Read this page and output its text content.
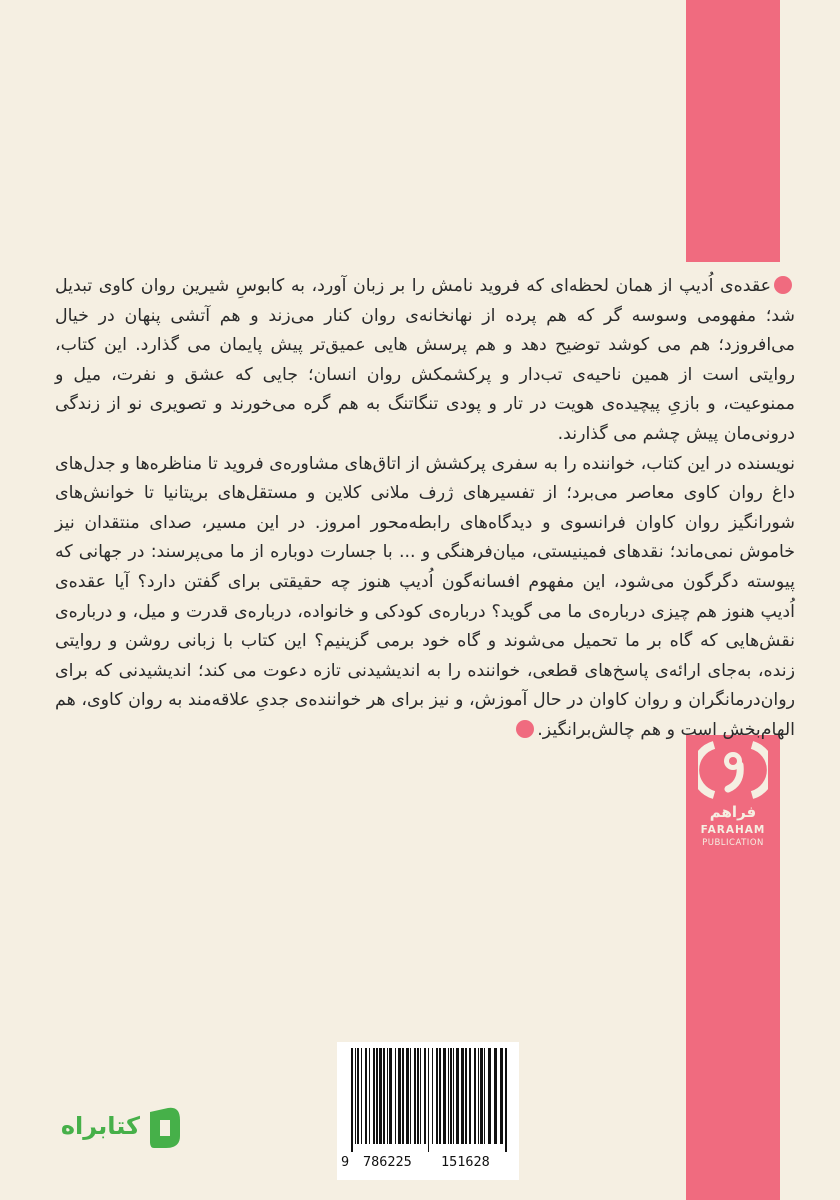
عقده‌ی اُدیپ از همان لحظه‌ای که فروید نامش را بر زبان آورد، به کابوسِ شیرین روان کاوی تبدیل شد؛ مفهومی وسوسه گر که هم پرده از نهانخانه‌ی روان کنار می‌زند و هم آتشی پنهان در خیال می‌افروزد؛ هم می کوشد توضیح دهد و هم پرسش هایی عمیق‌تر پیش پایمان می گذارد. این کتاب، روایتی است از همین ناحیه‌ی تب‌دار و پرکشمکش روان انسان؛ جایی که عشق و نفرت، میل و ممنوعیت، و بازیِ پیچیده‌ی هویت در تار و پودی تنگاتنگ به هم گره می‌خورند و تصویری نو از زندگی درونی‌مان پیش چشم می گذارند.

نویسنده در این کتاب، خواننده را به سفری پرکشش از اتاق‌های مشاوره‌ی فروید تا مناظره‌ها و جدل‌های داغ روان کاوی معاصر می‌برد؛ از تفسیرهای ژرف ملانی کلاین و مستقل‌های بریتانیا تا خوانش‌های شورانگیز روان کاوان فرانسوی و دیدگاه‌های رابطه‌محور امروز. در این مسیر، صدای منتقدان نیز خاموش نمی‌ماند؛ نقدهای فمینیستی، میان‌فرهنگی و ... با جسارت دوباره از ما می‌پرسند: در جهانی که پیوسته دگرگون می‌شود، این مفهوم افسانه‌گون اُدیپ هنوز چه حقیقتی برای گفتن دارد؟ آیا عقده‌ی اُدیپ هنوز هم چیزی درباره‌ی ما می گوید؟ درباره‌ی کودکی و خانواده، درباره‌ی قدرت و میل، و درباره‌ی نقش‌هایی که گاه بر ما تحمیل می‌شوند و گاه خود برمی گزینیم؟ این کتاب با زبانی روشن و روایتی زنده، به‌جای ارائه‌ی پاسخ‌های قطعی، خواننده را به اندیشیدنی تازه دعوت می کند؛ اندیشیدنی که برای روان‌درمانگران و روان کاوان در حال آموزش، و نیز برای هر خواننده‌ی جدیِ علاقه‌مند به روان کاوی، هم الهام‌بخش است و هم چالش‌برانگیز.

فراهم
FARAHAM
PUBLICATION
9 786225 151628
کتابراه
